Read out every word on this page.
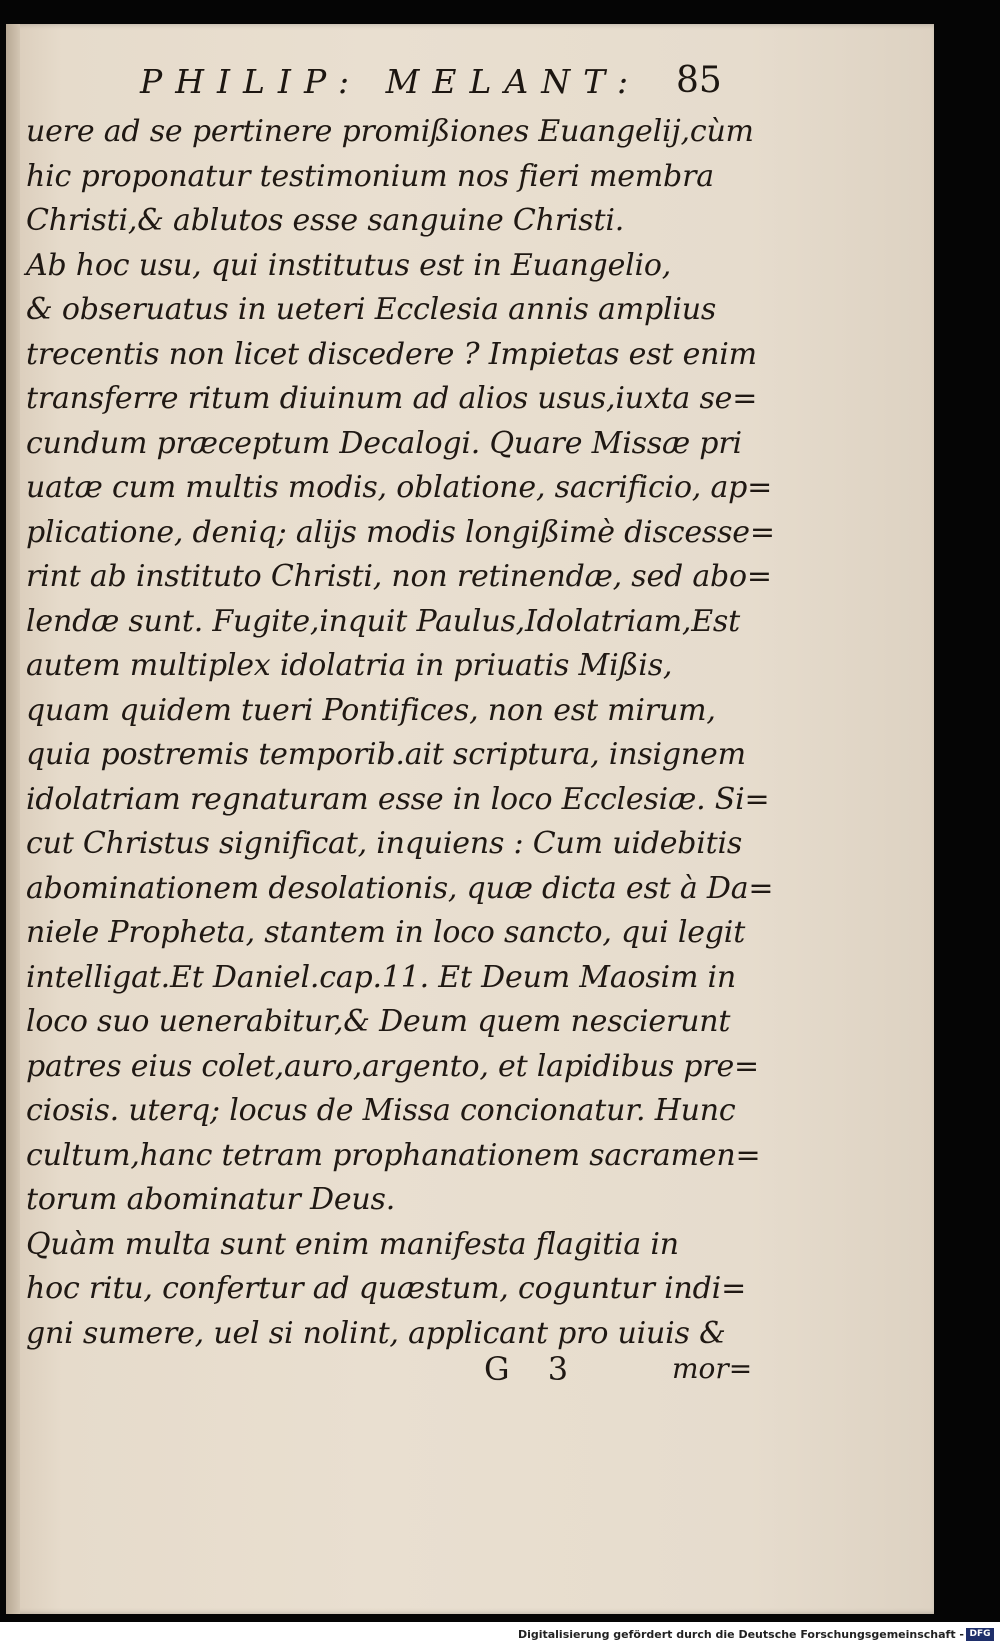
PHILIP: MELANT: 85
uere ad se pertinere promißiones Euangelij,cùm
hic proponatur testimonium nos fieri membra
Christi,& ablutos esse sanguine Christi.
Ab hoc usu, qui institutus est in Euangelio,
& obseruatus in ueteri Ecclesia annis amplius
trecentis non licet discedere ? Impietas est enim
transferre ritum diuinum ad alios usus,iuxta se=
cundum præceptum Decalogi. Quare Missæ pri
uatæ cum multis modis, oblatione, sacrificio, ap=
plicatione, deniq; alijs modis longißimè discesse=
rint ab instituto Christi, non retinendæ, sed abo=
lendæ sunt. Fugite,inquit Paulus,Idolatriam,Est
autem multiplex idolatria in priuatis Mißis,
quam quidem tueri Pontifices, non est mirum,
quia postremis temporib.ait scriptura, insignem
idolatriam regnaturam esse in loco Ecclesiæ. Si=
cut Christus significat, inquiens : Cum uidebitis
abominationem desolationis, quæ dicta est à Da=
niele Propheta, stantem in loco sancto, qui legit
intelligat.Et Daniel.cap.11. Et Deum Maosim in
loco suo uenerabitur,& Deum quem nescierunt
patres eius colet,auro,argento, et lapidibus pre=
ciosis. uterq; locus de Missa concionatur. Hunc
cultum,hanc tetram prophanationem sacramen=
torum abominatur Deus.
Quàm multa sunt enim manifesta flagitia in
hoc ritu, confertur ad quæstum, coguntur indi=
gni sumere, uel si nolint, applicant pro uiuis &
G 3	mor=
Digitalisierung gefördert durch die Deutsche Forschungsgemeinschaft - DFG
